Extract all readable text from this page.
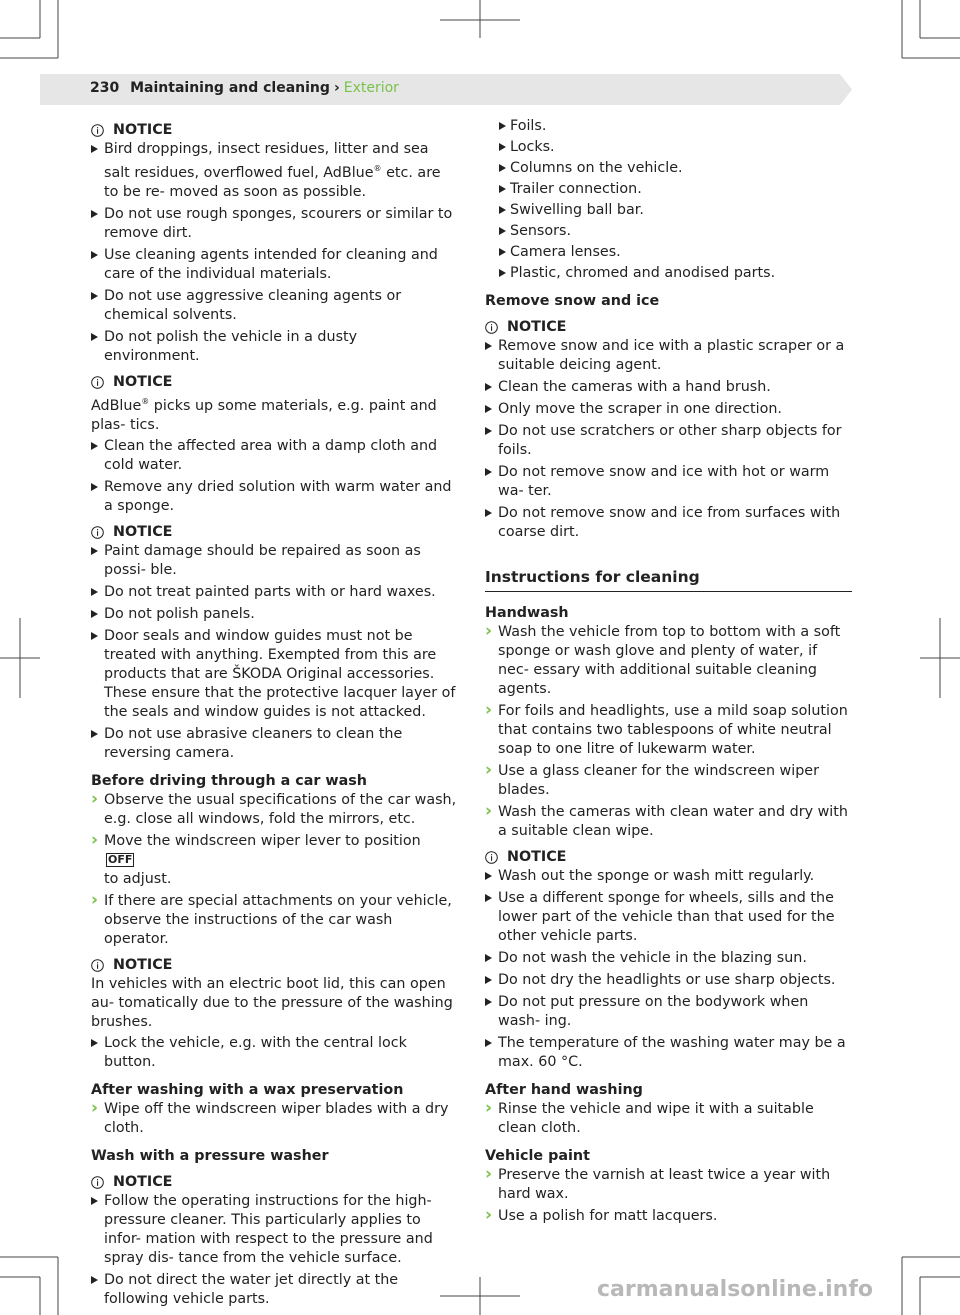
230 Maintaining and cleaning › Exterior
NOTICE

Bird droppings, insect residues, litter and sea salt residues, overflowed fuel, AdBlue® etc. are to be re- moved as soon as possible.

Do not use rough sponges, scourers or similar to remove dirt.

Use cleaning agents intended for cleaning and care of the individual materials.

Do not use aggressive cleaning agents or chemical solvents.

Do not polish the vehicle in a dusty environment.

NOTICE

AdBlue® picks up some materials, e.g. paint and plas- tics.

Clean the affected area with a damp cloth and cold water.

Remove any dried solution with warm water and a sponge.

NOTICE

Paint damage should be repaired as soon as possi- ble.

Do not treat painted parts with or hard waxes.

Do not polish panels.

Door seals and window guides must not be treated with anything. Exempted from this are products that are ŠKODA Original accessories. These ensure that the protective lacquer layer of the seals and window guides is not attacked.

Do not use abrasive cleaners to clean the reversing camera.

Before driving through a car wash

› Observe the usual specifications of the car wash, e.g. close all windows, fold the mirrors, etc.

› Move the windscreen wiper lever to position OFF
to adjust.

› If there are special attachments on your vehicle, observe the instructions of the car wash operator.

NOTICE

In vehicles with an electric boot lid, this can open au- tomatically due to the pressure of the washing brushes.

Lock the vehicle, e.g. with the central lock button.

After washing with a wax preservation

› Wipe off the windscreen wiper blades with a dry cloth.

Wash with a pressure washer
NOTICE

Follow the operating instructions for the high- pressure cleaner. This particularly applies to infor- mation with respect to the pressure and spray dis- tance from the vehicle surface.

Do not direct the water jet directly at the following vehicle parts.

Foils.

Locks.

Columns on the vehicle.

Trailer connection.

Swivelling ball bar.

Sensors.

Camera lenses.

Plastic, chromed and anodised parts.

Remove snow and ice
NOTICE

Remove snow and ice with a plastic scraper or a suitable deicing agent.

Clean the cameras with a hand brush.

Only move the scraper in one direction.

Do not use scratchers or other sharp objects for foils.

Do not remove snow and ice with hot or warm wa- ter.

Do not remove snow and ice from surfaces with coarse dirt.

Instructions for cleaning
Handwash

› Wash the vehicle from top to bottom with a soft sponge or wash glove and plenty of water, if nec- essary with additional suitable cleaning agents.

› For foils and headlights, use a mild soap solution that contains two tablespoons of white neutral soap to one litre of lukewarm water.

› Use a glass cleaner for the windscreen wiper blades.

› Wash the cameras with clean water and dry with a suitable clean wipe.

NOTICE

Wash out the sponge or wash mitt regularly.

Use a different sponge for wheels, sills and the lower part of the vehicle than that used for the other vehicle parts.

Do not wash the vehicle in the blazing sun.

Do not dry the headlights or use sharp objects.

Do not put pressure on the bodywork when wash- ing.

The temperature of the washing water may be a max. 60 °C.

After hand washing

› Rinse the vehicle and wipe it with a suitable clean cloth.

Vehicle paint

› Preserve the varnish at least twice a year with hard wax.

› Use a polish for matt lacquers.

carmanualsonline.info
